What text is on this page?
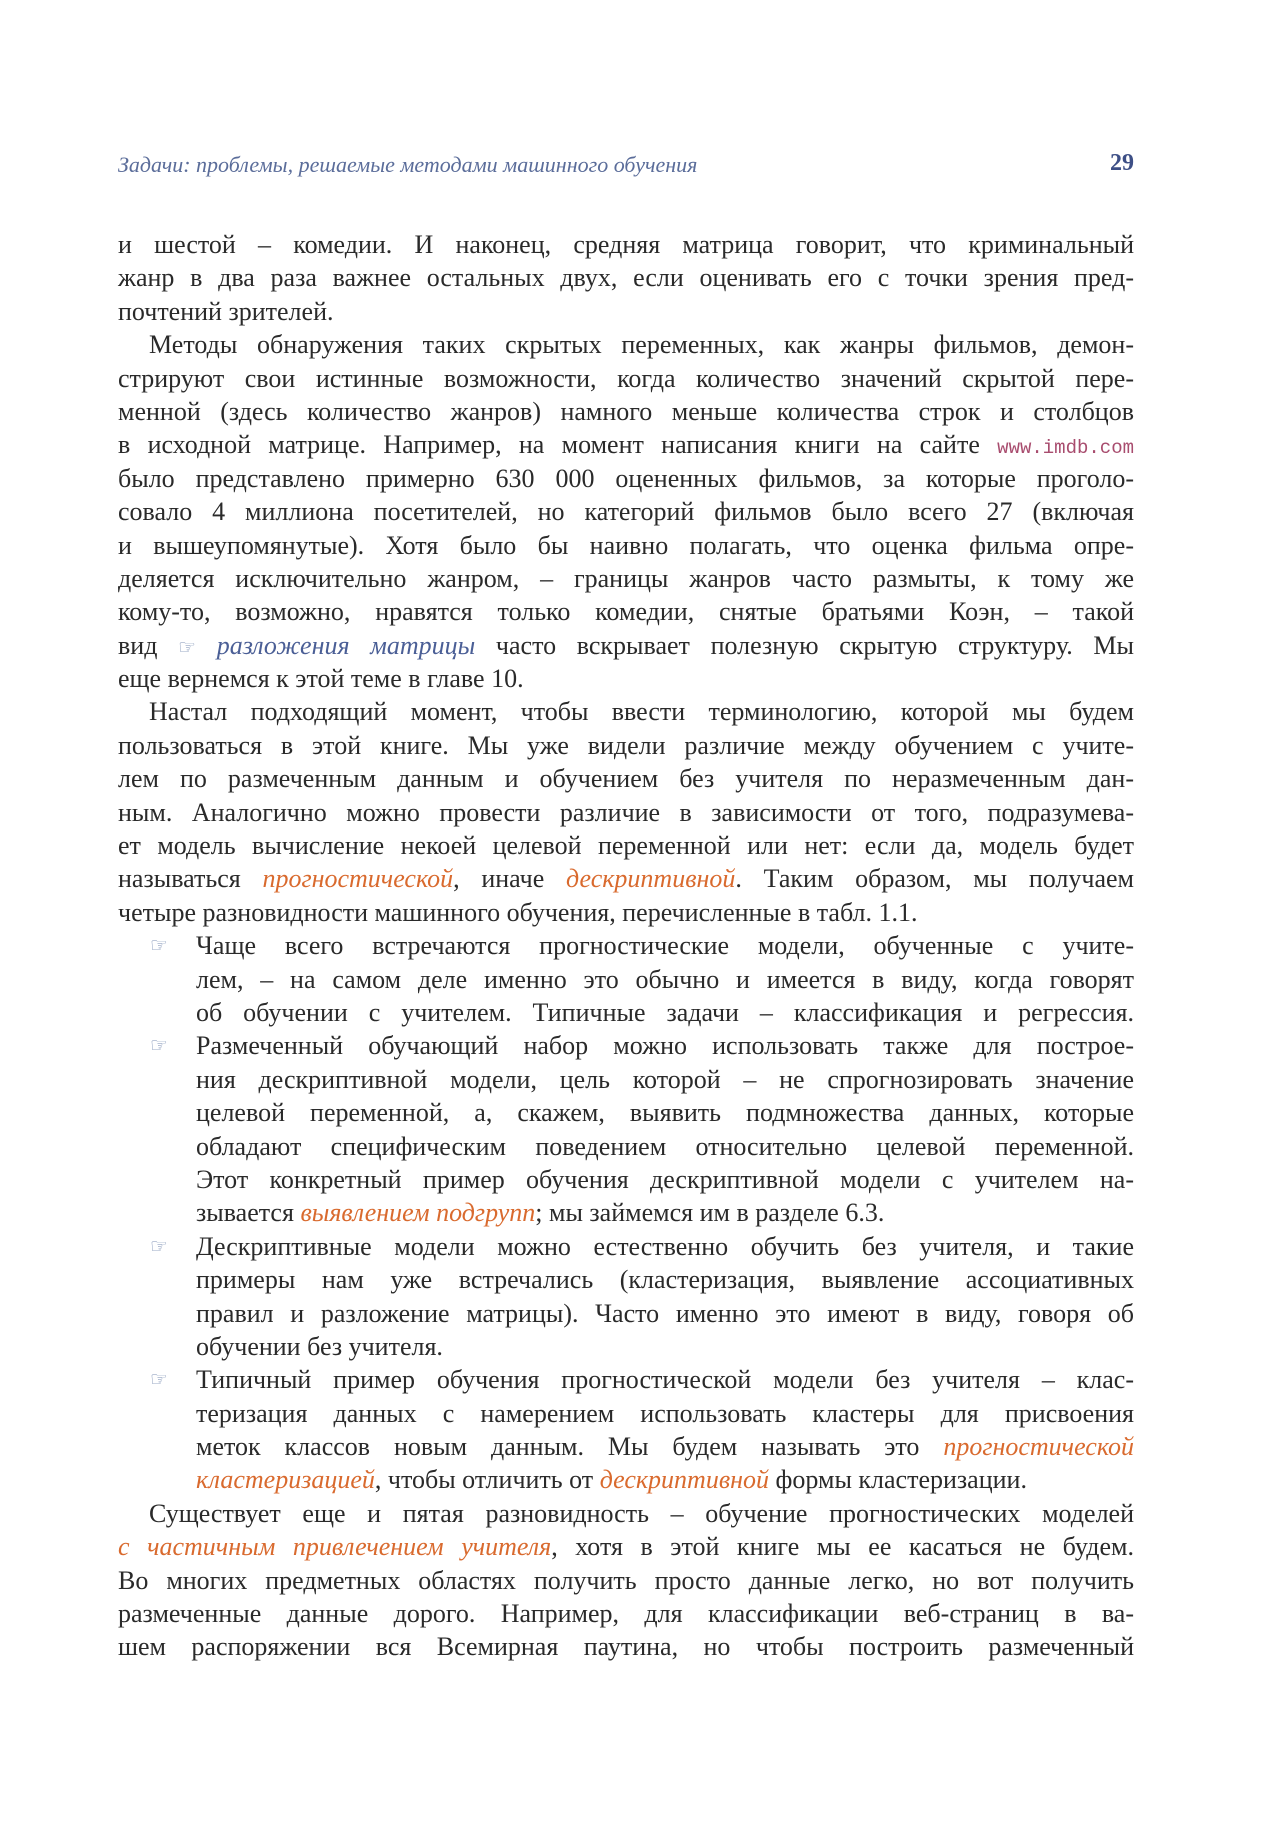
Задачи: проблемы, решаемые методами машинного обучения	29
и шестой – комедии. И наконец, средняя матрица говорит, что криминальный
жанр в два раза важнее остальных двух, если оценивать его с точки зрения пред-
почтений зрителей.
Методы обнаружения таких скрытых переменных, как жанры фильмов, демон-
стрируют свои истинные возможности, когда количество значений скрытой пере-
менной (здесь количество жанров) намного меньше количества строк и столбцов
в исходной матрице. Например, на момент написания книги на сайте www.imdb.com
было представлено примерно 630 000 оцененных фильмов, за которые проголо-
совало 4 миллиона посетителей, но категорий фильмов было всего 27 (включая
и вышеупомянутые). Хотя было бы наивно полагать, что оценка фильма опре-
деляется исключительно жанром, – границы жанров часто размыты, к тому же
кому-то, возможно, нравятся только комедии, снятые братьями Коэн, – такой
вид ☞ разложения матрицы часто вскрывает полезную скрытую структуру. Мы
еще вернемся к этой теме в главе 10.
Настал подходящий момент, чтобы ввести терминологию, которой мы будем
пользоваться в этой книге. Мы уже видели различие между обучением с учите-
лем по размеченным данным и обучением без учителя по неразмеченным дан-
ным. Аналогично можно провести различие в зависимости от того, подразумева-
ет модель вычисление некоей целевой переменной или нет: если да, модель будет
называться прогностической, иначе дескриптивной. Таким образом, мы получаем
четыре разновидности машинного обучения, перечисленные в табл. 1.1.
☞ Чаще всего встречаются прогностические модели, обученные с учите-
лем, – на самом деле именно это обычно и имеется в виду, когда говорят
об обучении с учителем. Типичные задачи – классификация и регрессия.
☞ Размеченный обучающий набор можно использовать также для построе-
ния дескриптивной модели, цель которой – не спрогнозировать значение
целевой переменной, а, скажем, выявить подмножества данных, которые
обладают специфическим поведением относительно целевой переменной.
Этот конкретный пример обучения дескриптивной модели с учителем на-
зывается выявлением подгрупп; мы займемся им в разделе 6.3.
☞ Дескриптивные модели можно естественно обучить без учителя, и такие
примеры нам уже встречались (кластеризация, выявление ассоциативных
правил и разложение матрицы). Часто именно это имеют в виду, говоря об
обучении без учителя.
☞ Типичный пример обучения прогностической модели без учителя – клас-
теризация данных с намерением использовать кластеры для присвоения
меток классов новым данным. Мы будем называть это прогностической
кластеризацией, чтобы отличить от дескриптивной формы кластеризации.
Существует еще и пятая разновидность – обучение прогностических моделей
с частичным привлечением учителя, хотя в этой книге мы ее касаться не будем.
Во многих предметных областях получить просто данные легко, но вот получить
размеченные данные дорого. Например, для классификации веб-страниц в ва-
шем распоряжении вся Всемирная паутина, но чтобы построить размеченный
